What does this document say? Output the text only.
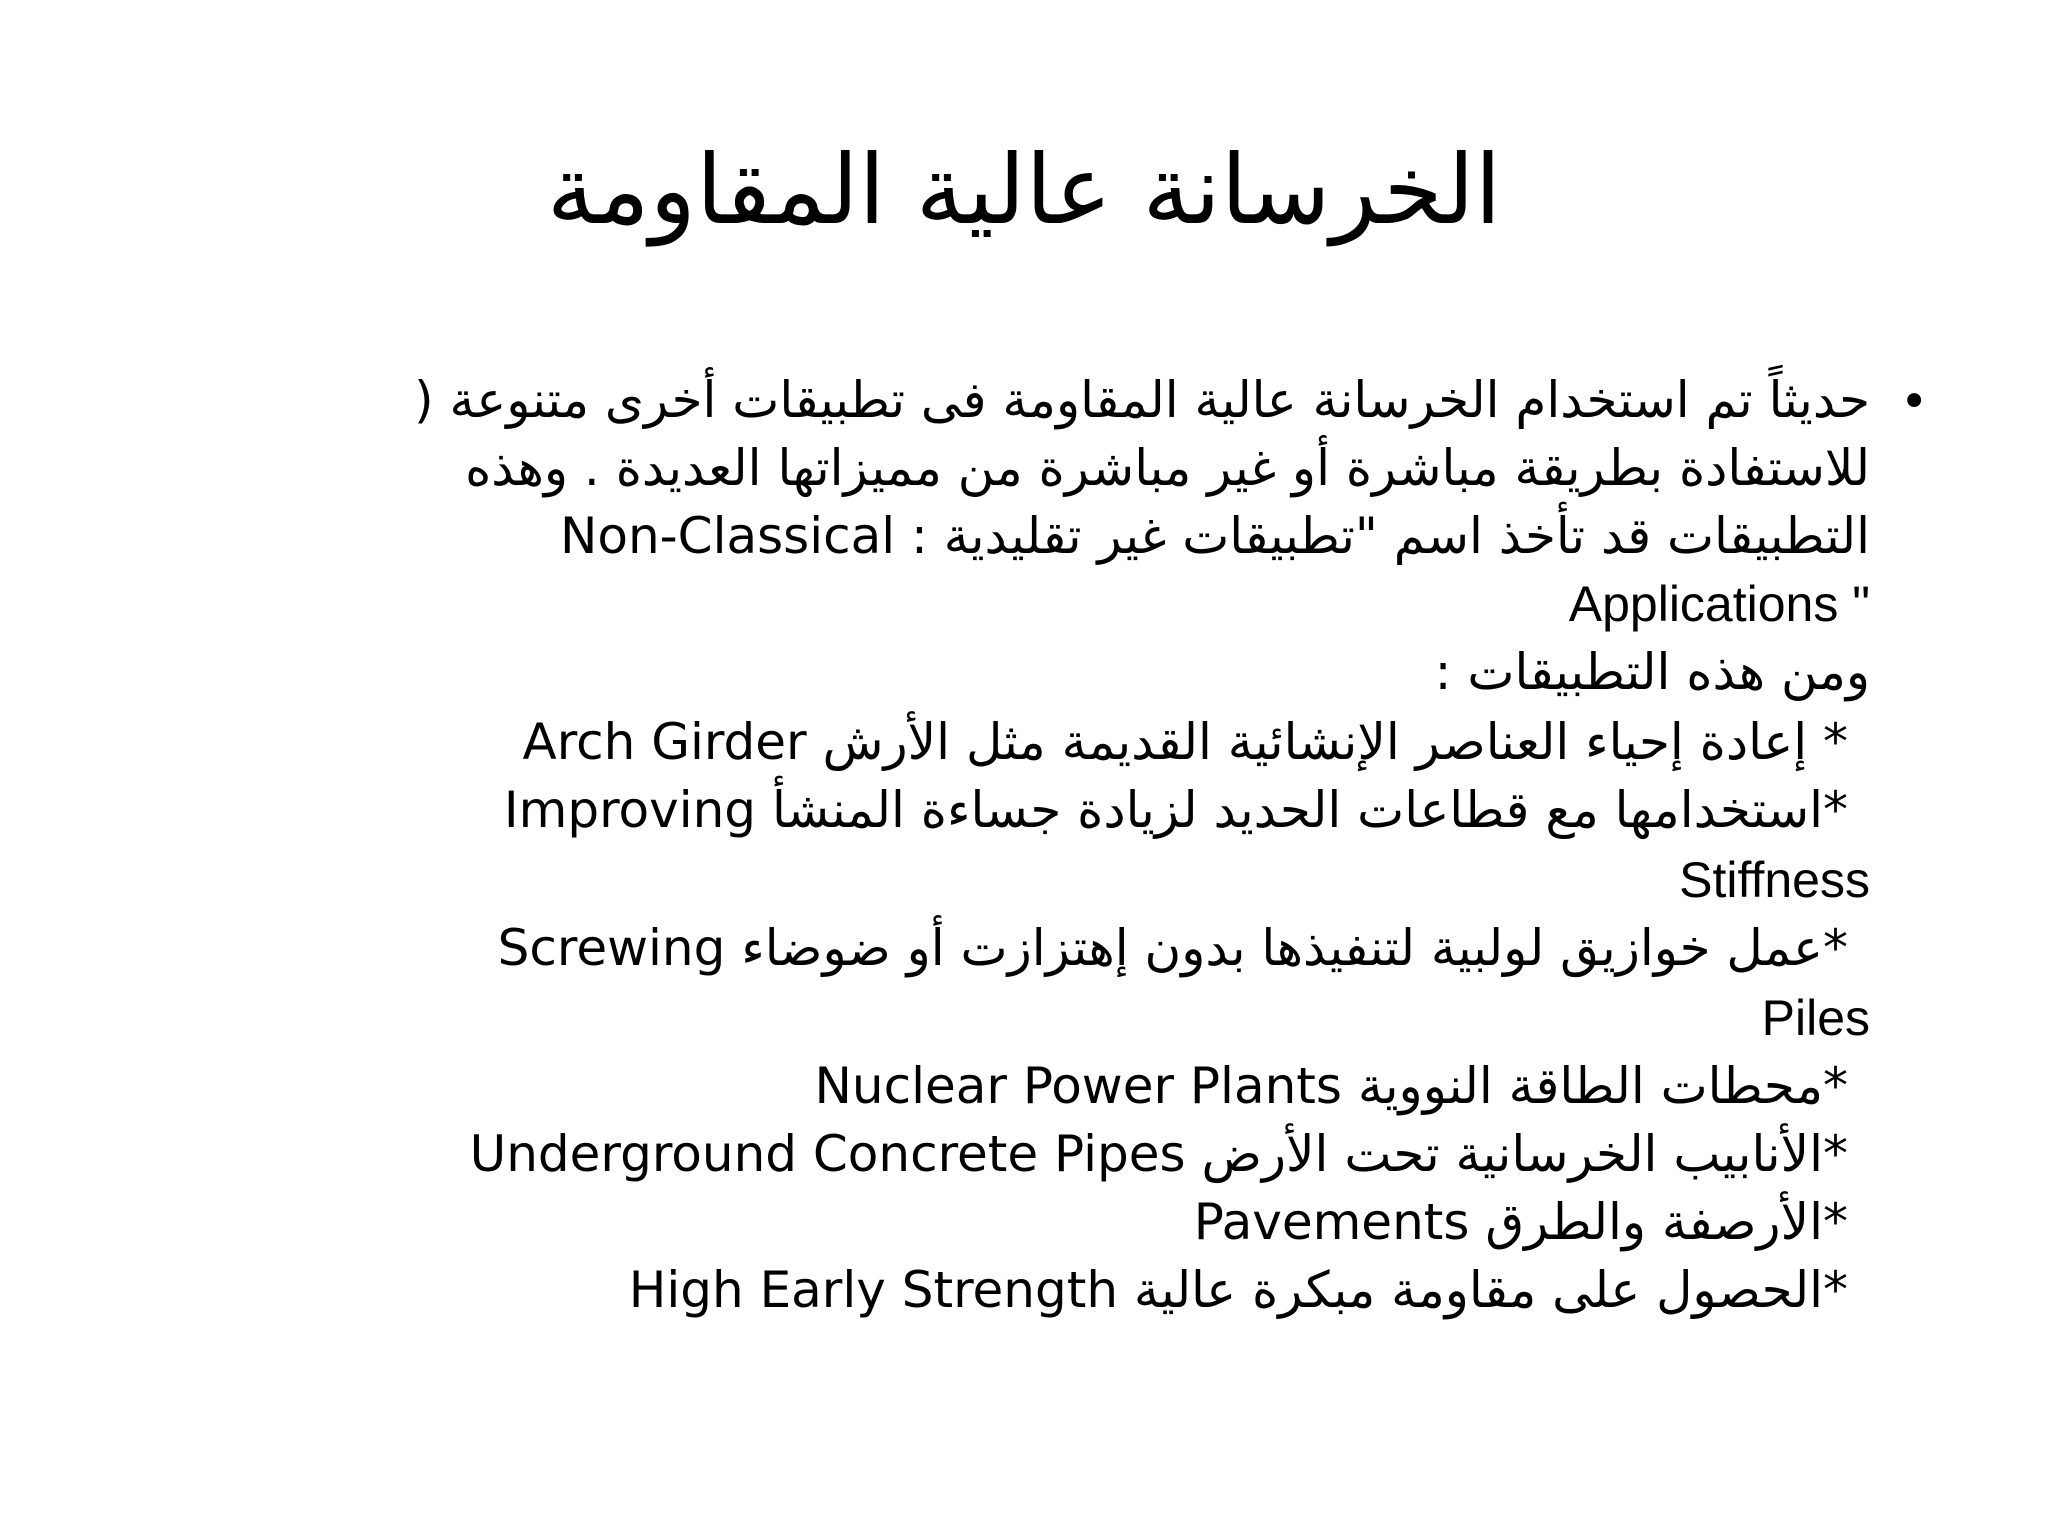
الخرسانة عالية المقاومة
•
حديثاً تم استخدام الخرسانة عالية المقاومة فى تطبيقات أخرى متنوعة (
للاستفادة بطريقة مباشرة أو غير مباشرة من مميزاتها العديدة . وهذه
التطبيقات قد تأخذ اسم "تطبيقات غير تقليدية : Non-Classical
Applications "
ومن هذه التطبيقات :
* إعادة إحياء العناصر الإنشائية القديمة مثل الأرش Arch Girder
*استخدامها مع قطاعات الحديد لزيادة جساءة المنشأ Improving
Stiffness
*عمل خوازيق لولبية لتنفيذها بدون إهتزازت أو ضوضاء Screwing
Piles
*محطات الطاقة النووية Nuclear Power Plants
*الأنابيب الخرسانية تحت الأرض Underground Concrete Pipes
*الأرصفة والطرق Pavements
*الحصول على مقاومة مبكرة عالية High Early Strength
